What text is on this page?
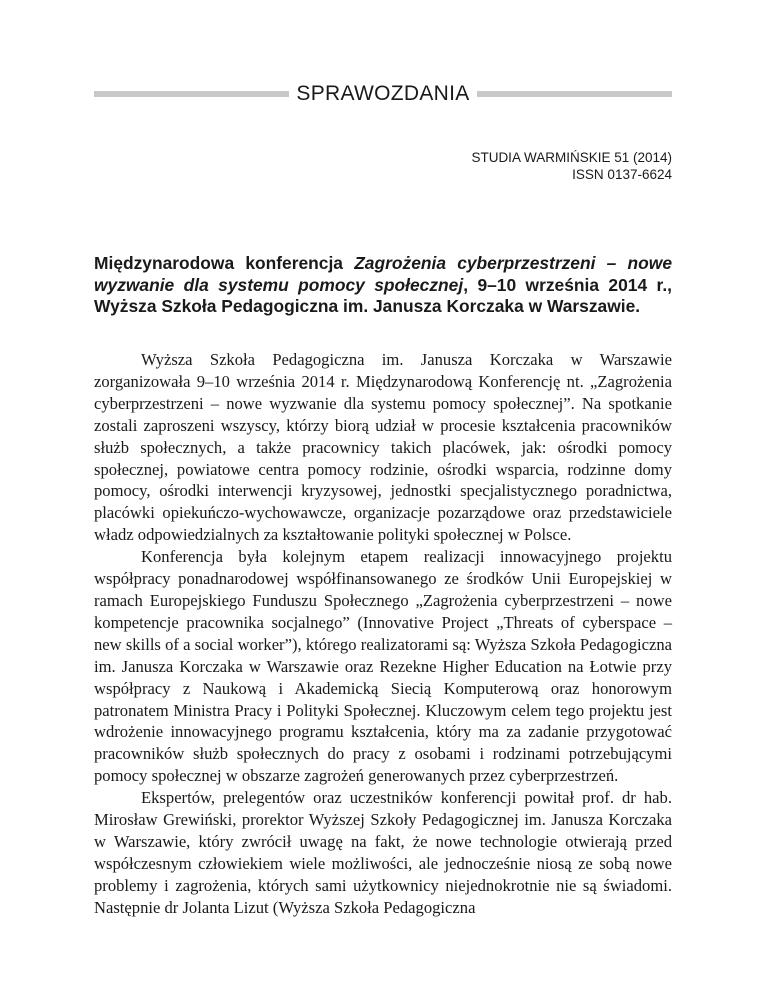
SPRAWOZDANIA
STUDIA WARMIŃSKIE 51 (2014)
ISSN 0137-6624
Międzynarodowa konferencja Zagrożenia cyberprzestrzeni – nowe wyzwanie dla systemu pomocy społecznej, 9–10 września 2014 r., Wyższa Szkoła Pedagogiczna im. Janusza Korczaka w Warszawie.

Wyższa Szkoła Pedagogiczna im. Janusza Korczaka w Warszawie zorganizowała 9–10 września 2014 r. Międzynarodową Konferencję nt. „Zagrożenia cyberprzestrzeni – nowe wyzwanie dla systemu pomocy społecznej”. Na spotkanie zostali zaproszeni wszyscy, którzy biorą udział w procesie kształcenia pracowników służb społecznych, a także pracownicy takich placówek, jak: ośrodki pomocy społecznej, powiatowe centra pomocy rodzinie, ośrodki wsparcia, rodzinne domy pomocy, ośrodki interwencji kryzysowej, jednostki specjalistycznego poradnictwa, placówki opiekuńczo-wychowawcze, organizacje pozarządowe oraz przedstawiciele władz odpowiedzialnych za kształtowanie polityki społecznej w Polsce.

Konferencja była kolejnym etapem realizacji innowacyjnego projektu współpracy ponadnarodowej współfinansowanego ze środków Unii Europejskiej w ramach Europejskiego Funduszu Społecznego „Zagrożenia cyberprzestrzeni – nowe kompetencje pracownika socjalnego” (Innovative Project „Threats of cyberspace – new skills of a social worker”), którego realizatorami są: Wyższa Szkoła Pedagogiczna im. Janusza Korczaka w Warszawie oraz Rezekne Higher Education na Łotwie przy współpracy z Naukową i Akademicką Siecią Komputerową oraz honorowym patronatem Ministra Pracy i Polityki Społecznej. Kluczowym celem tego projektu jest wdrożenie innowacyjnego programu kształcenia, który ma za zadanie przygotować pracowników służb społecznych do pracy z osobami i rodzinami potrzebującymi pomocy społecznej w obszarze zagrożeń generowanych przez cyberprzestrzeń.

Ekspertów, prelegentów oraz uczestników konferencji powitał prof. dr hab. Mirosław Grewiński, prorektor Wyższej Szkoły Pedagogicznej im. Janusza Korczaka w Warszawie, który zwrócił uwagę na fakt, że nowe technologie otwierają przed współczesnym człowiekiem wiele możliwości, ale jednocześnie niosą ze sobą nowe problemy i zagrożenia, których sami użytkownicy niejednokrotnie nie są świadomi. Następnie dr Jolanta Lizut (Wyższa Szkoła Pedagogiczna
